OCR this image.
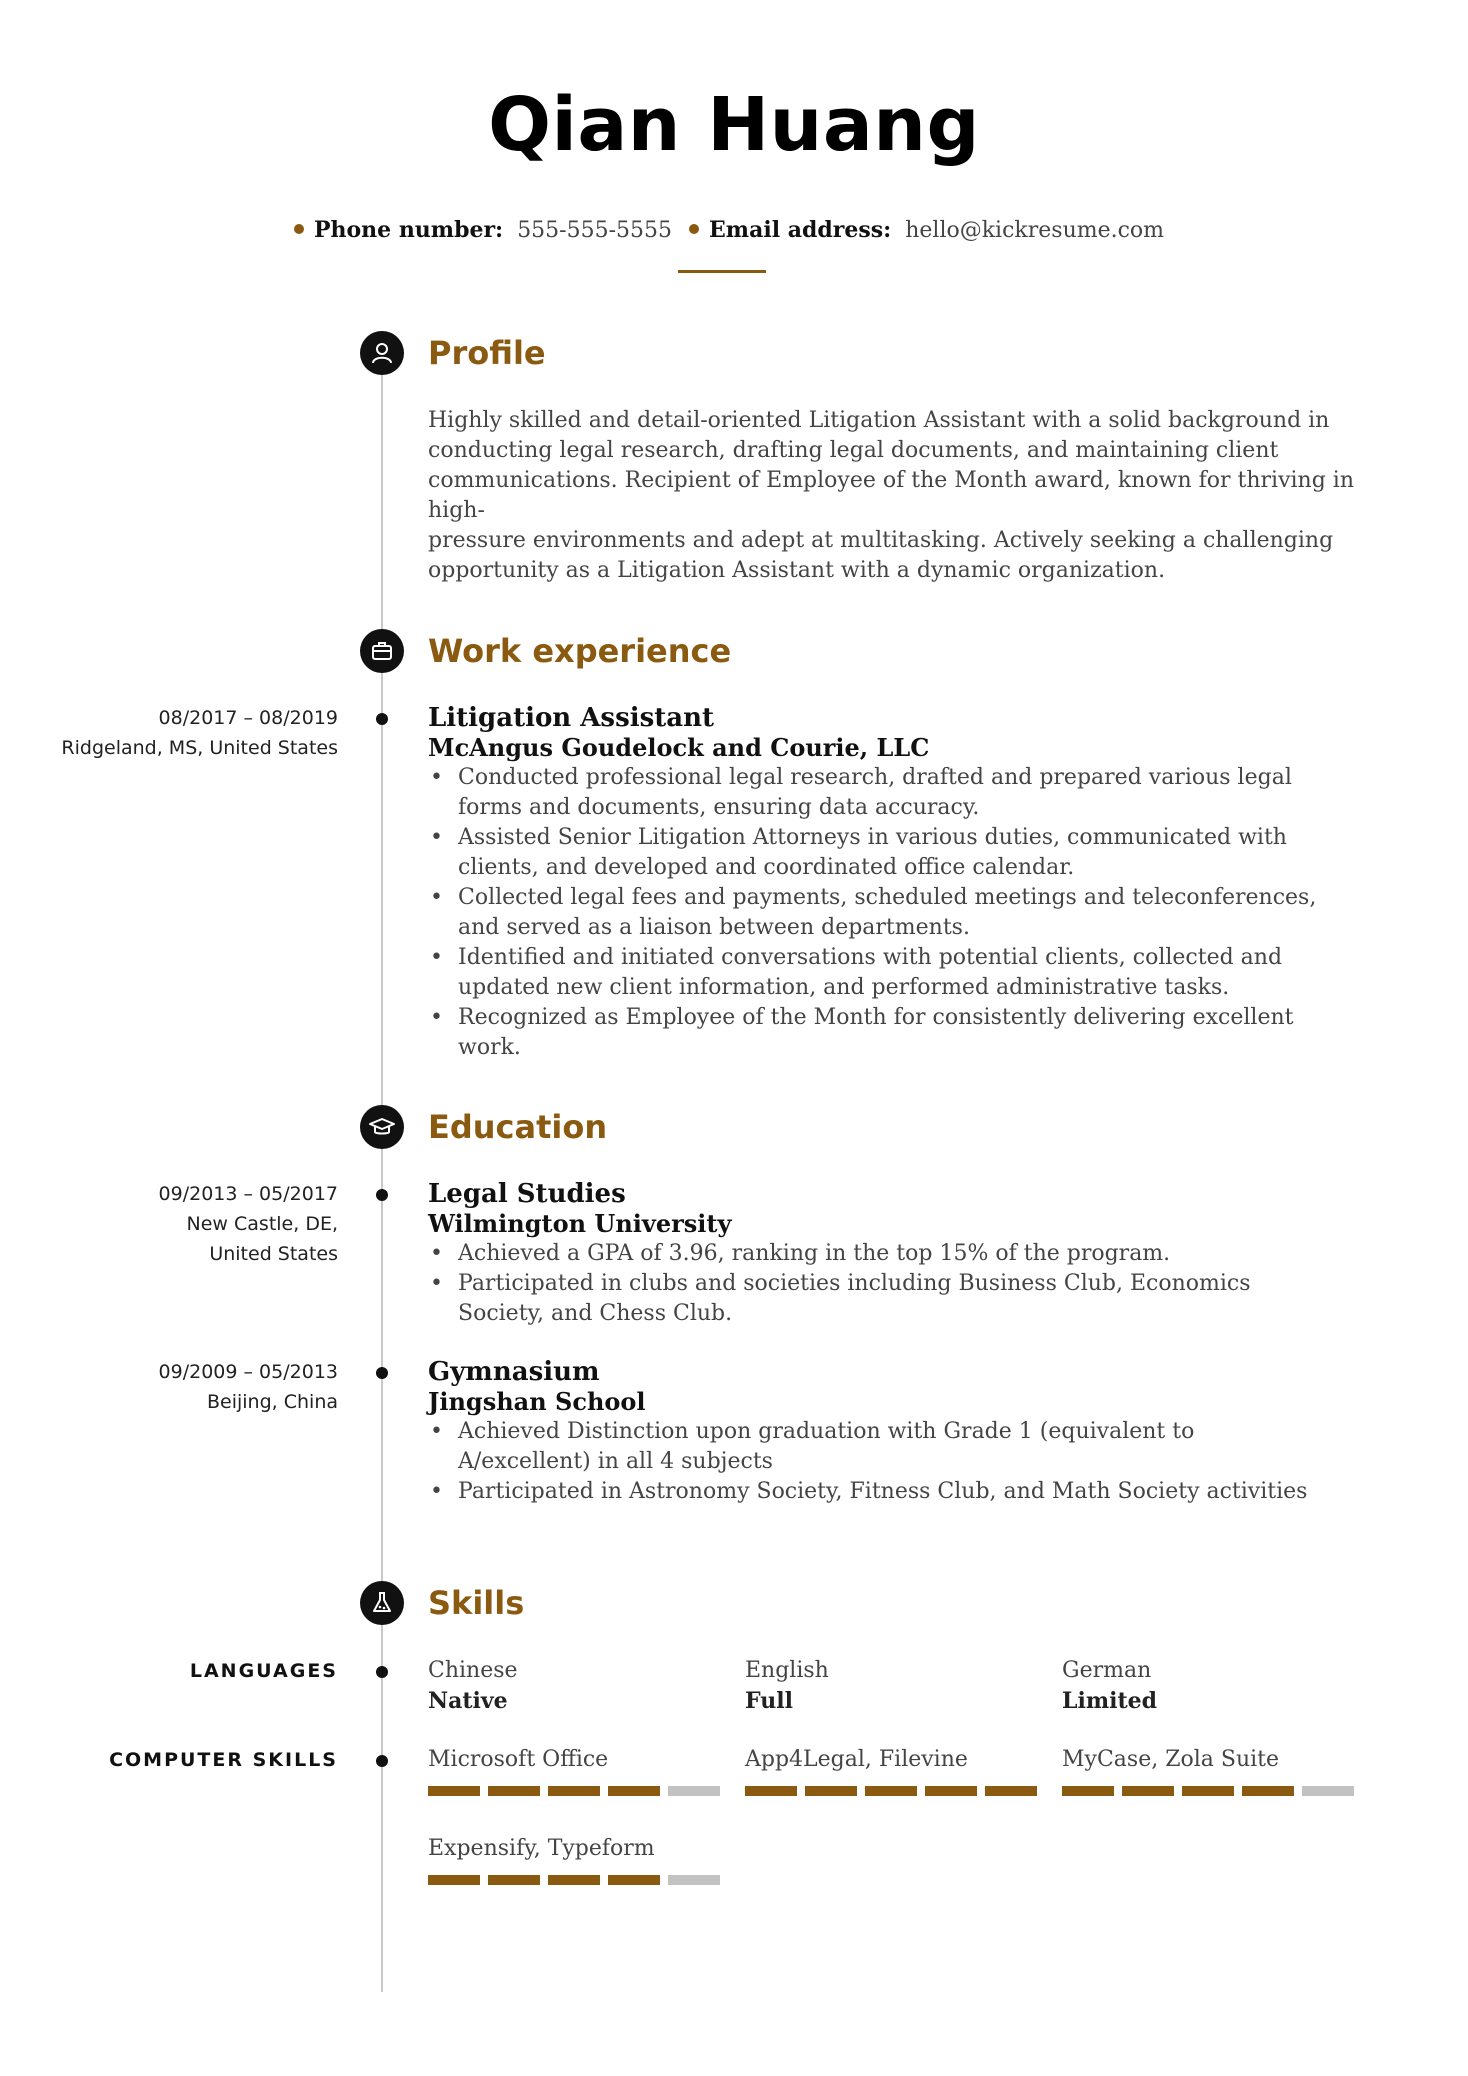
Qian Huang
Phone number: 555-555-5555 Email address: hello@kickresume.com
Profile
Highly skilled and detail-oriented Litigation Assistant with a solid background in
conducting legal research, drafting legal documents, and maintaining client
communications. Recipient of Employee of the Month award, known for thriving in high-
pressure environments and adept at multitasking. Actively seeking a challenging
opportunity as a Litigation Assistant with a dynamic organization.
Work experience
08/2017 – 08/2019
Ridgeland, MS, United States
Litigation Assistant
McAngus Goudelock and Courie, LLC
• Conducted professional legal research, drafted and prepared various legal forms and documents, ensuring data accuracy.
• Assisted Senior Litigation Attorneys in various duties, communicated with clients, and developed and coordinated office calendar.
• Collected legal fees and payments, scheduled meetings and teleconferences, and served as a liaison between departments.
• Identified and initiated conversations with potential clients, collected and updated new client information, and performed administrative tasks.
• Recognized as Employee of the Month for consistently delivering excellent work.
Education
09/2013 – 05/2017
New Castle, DE,
United States
Legal Studies
Wilmington University
• Achieved a GPA of 3.96, ranking in the top 15% of the program.
• Participated in clubs and societies including Business Club, Economics Society, and Chess Club.
09/2009 – 05/2013
Beijing, China
Gymnasium
Jingshan School
• Achieved Distinction upon graduation with Grade 1 (equivalent to A/excellent) in all 4 subjects
• Participated in Astronomy Society, Fitness Club, and Math Society activities
Skills
LANGUAGES	Chinese
Native
English
Full
German
Limited
COMPUTER SKILLS	Microsoft Office	App4Legal, Filevine	MyCase, Zola Suite
Expensify, Typeform
